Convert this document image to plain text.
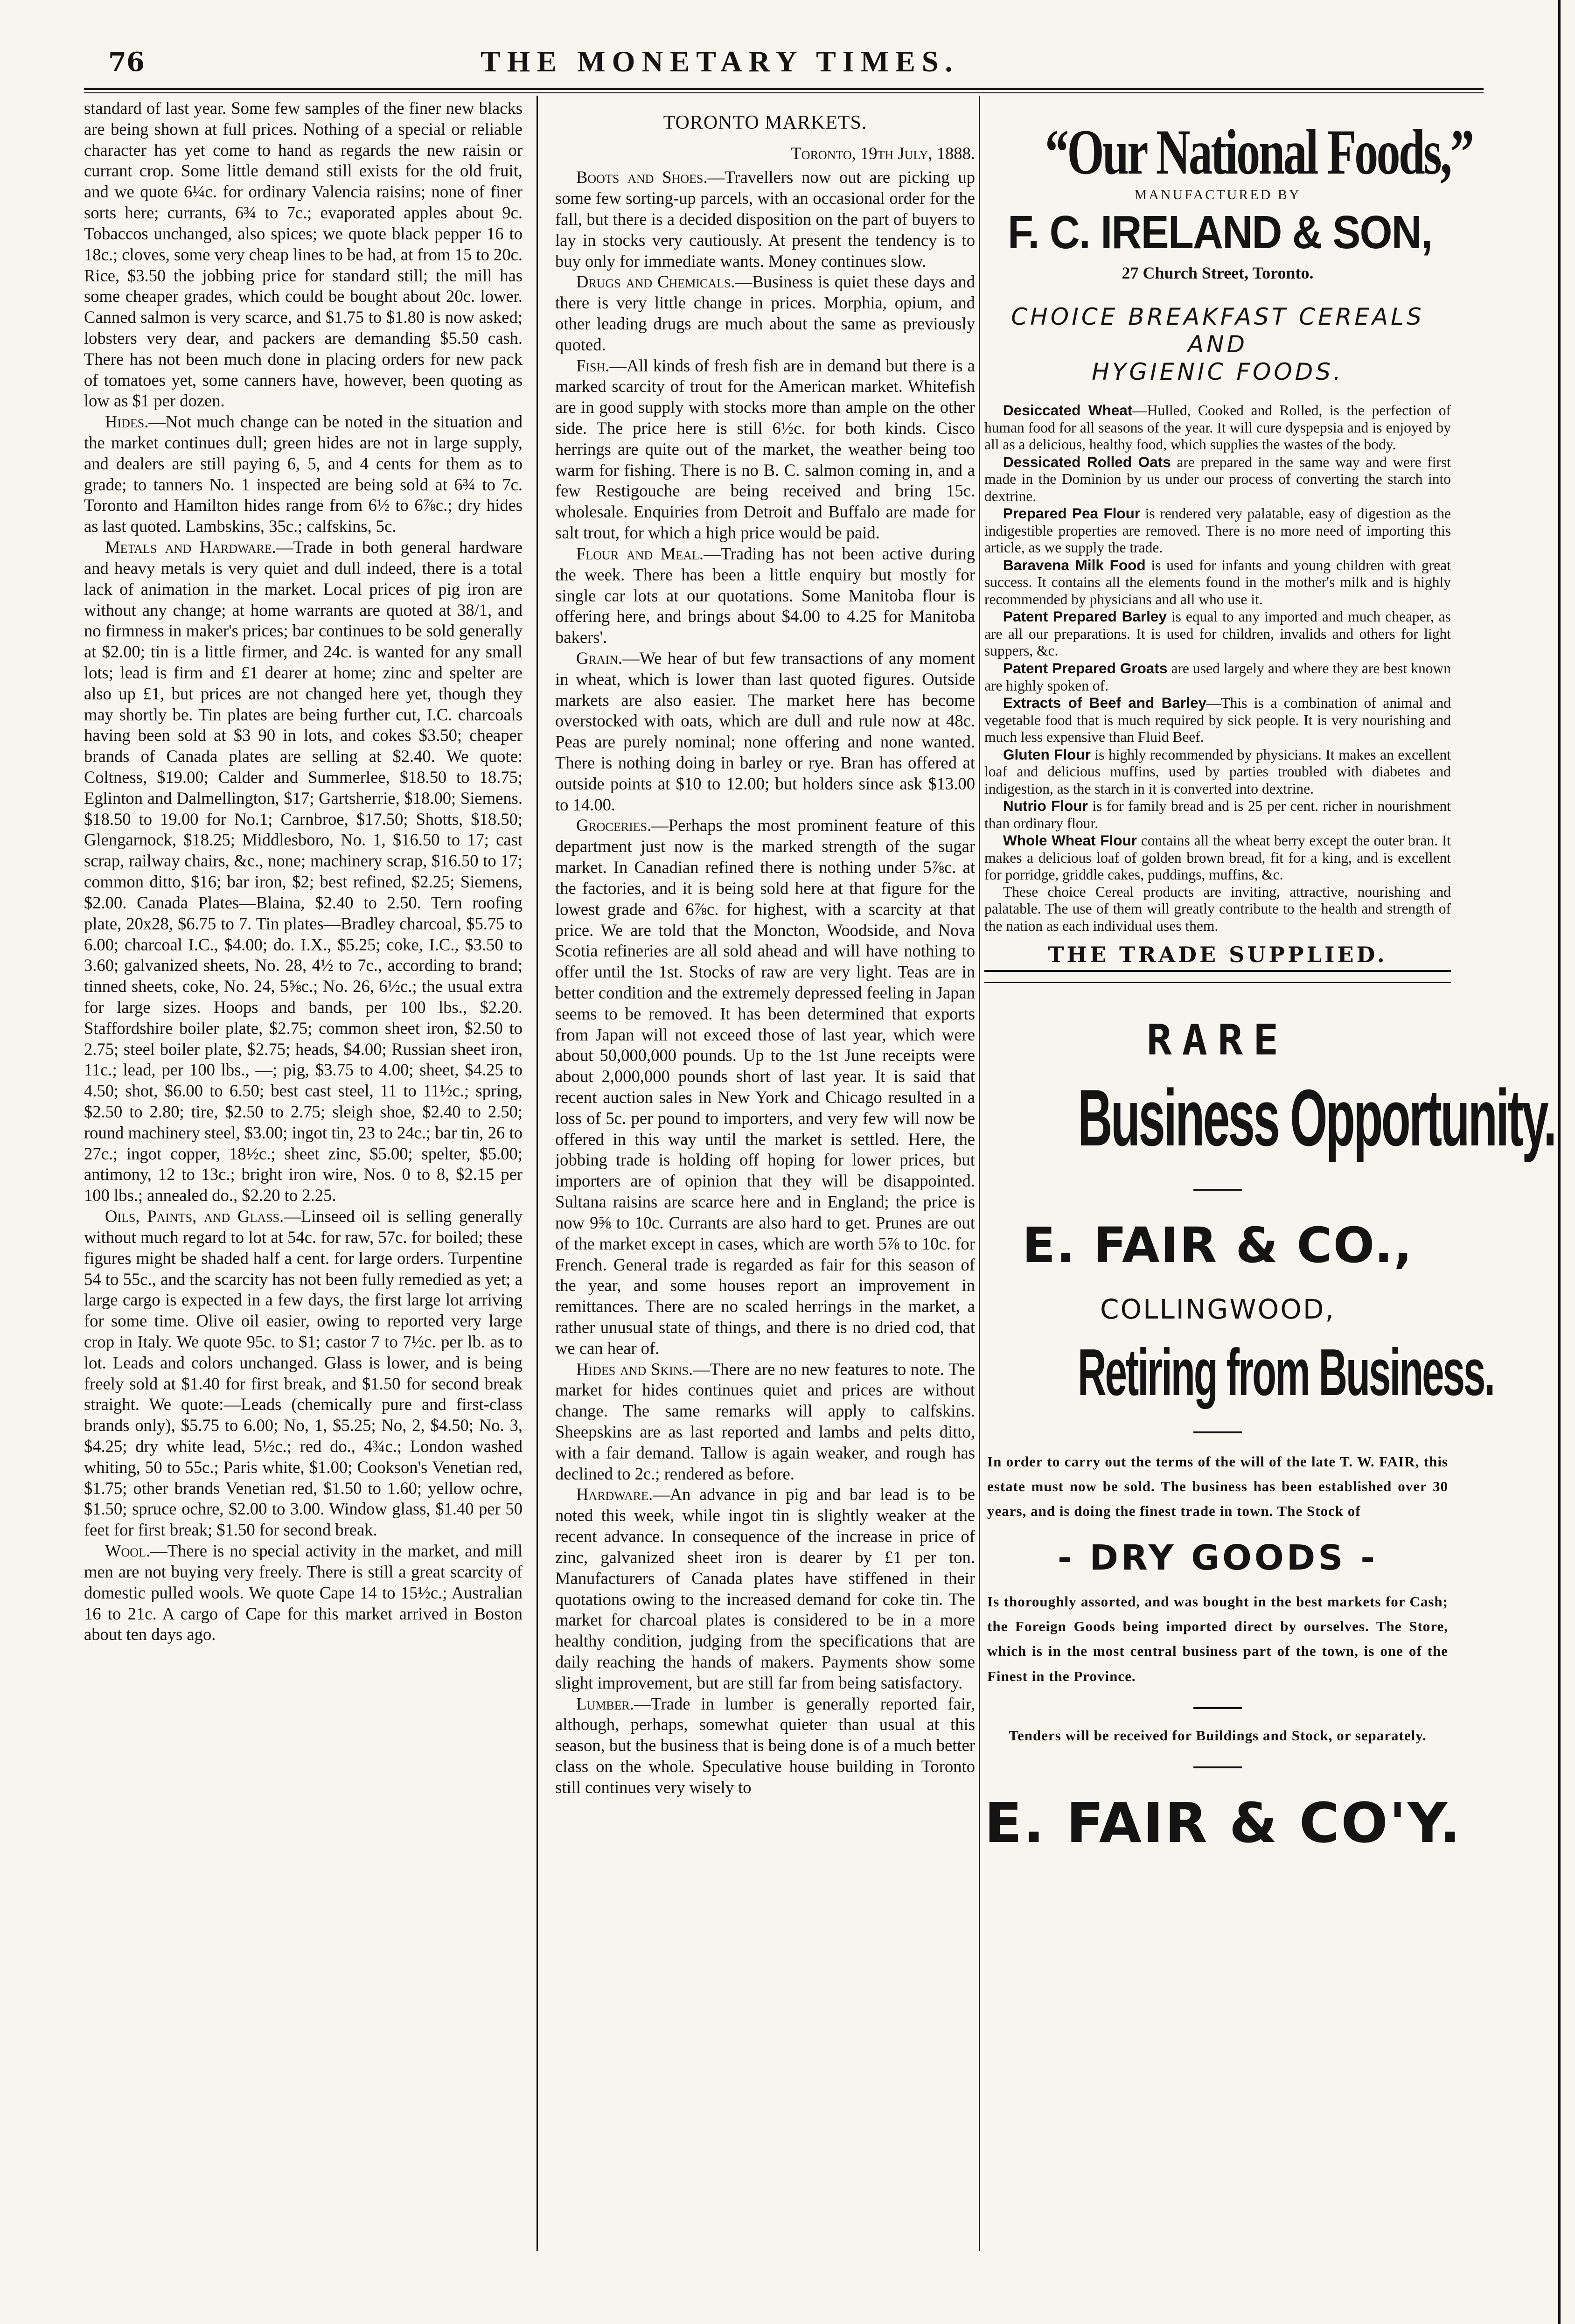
76	THE MONETARY TIMES.

standard of last year. Some few samples of the finer new blacks are being shown at full prices. Nothing of a special or reliable character has yet come to hand as regards the new raisin or currant crop. Some little demand still exists for the old fruit, and we quote 6¼c. for ordinary Valencia raisins; none of finer sorts here; currants, 6¾ to 7c.; evaporated apples about 9c. Tobaccos unchanged, also spices; we quote black pepper 16 to 18c.; cloves, some very cheap lines to be had, at from 15 to 20c. Rice, $3.50 the jobbing price for standard still; the mill has some cheaper grades, which could be bought about 20c. lower. Canned salmon is very scarce, and $1.75 to $1.80 is now asked; lobsters very dear, and packers are demanding $5.50 cash. There has not been much done in placing orders for new pack of tomatoes yet, some canners have, however, been quoting as low as $1 per dozen.

Hides.—Not much change can be noted in the situation and the market continues dull; green hides are not in large supply, and dealers are still paying 6, 5, and 4 cents for them as to grade; to tanners No. 1 inspected are being sold at 6¾ to 7c. Toronto and Hamilton hides range from 6½ to 6⅞c.; dry hides as last quoted. Lambskins, 35c.; calfskins, 5c.

Metals and Hardware.—Trade in both general hardware and heavy metals is very quiet and dull indeed, there is a total lack of animation in the market. Local prices of pig iron are without any change; at home warrants are quoted at 38/1, and no firmness in maker's prices; bar continues to be sold generally at $2.00; tin is a little firmer, and 24c. is wanted for any small lots; lead is firm and £1 dearer at home; zinc and spelter are also up £1, but prices are not changed here yet, though they may shortly be. Tin plates are being further cut, I.C. charcoals having been sold at $3 90 in lots, and cokes $3.50; cheaper brands of Canada plates are selling at $2.40. We quote: Coltness, $19.00; Calder and Summerlee, $18.50 to 18.75; Eglinton and Dalmellington, $17; Gartsherrie, $18.00; Siemens. $18.50 to 19.00 for No.1; Carnbroe, $17.50; Shotts, $18.50; Glengarnock, $18.25; Middlesboro, No. 1, $16.50 to 17; cast scrap, railway chairs, &c., none; machinery scrap, $16.50 to 17; common ditto, $16; bar iron, $2; best refined, $2.25; Siemens, $2.00. Canada Plates—Blaina, $2.40 to 2.50. Tern roofing plate, 20x28, $6.75 to 7. Tin plates—Bradley charcoal, $5.75 to 6.00; charcoal I.C., $4.00; do. I.X., $5.25; coke, I.C., $3.50 to 3.60; galvanized sheets, No. 28, 4½ to 7c., according to brand; tinned sheets, coke, No. 24, 5⅝c.; No. 26, 6½c.; the usual extra for large sizes. Hoops and bands, per 100 lbs., $2.20. Staffordshire boiler plate, $2.75; common sheet iron, $2.50 to 2.75; steel boiler plate, $2.75; heads, $4.00; Russian sheet iron, 11c.; lead, per 100 lbs., —; pig, $3.75 to 4.00; sheet, $4.25 to 4.50; shot, $6.00 to 6.50; best cast steel, 11 to 11½c.; spring, $2.50 to 2.80; tire, $2.50 to 2.75; sleigh shoe, $2.40 to 2.50; round machinery steel, $3.00; ingot tin, 23 to 24c.; bar tin, 26 to 27c.; ingot copper, 18½c.; sheet zinc, $5.00; spelter, $5.00; antimony, 12 to 13c.; bright iron wire, Nos. 0 to 8, $2.15 per 100 lbs.; annealed do., $2.20 to 2.25.

Oils, Paints, and Glass.—Linseed oil is selling generally without much regard to lot at 54c. for raw, 57c. for boiled; these figures might be shaded half a cent. for large orders. Turpentine 54 to 55c., and the scarcity has not been fully remedied as yet; a large cargo is expected in a few days, the first large lot arriving for some time. Olive oil easier, owing to reported very large crop in Italy. We quote 95c. to $1; castor 7 to 7½c. per lb. as to lot. Leads and colors unchanged. Glass is lower, and is being freely sold at $1.40 for first break, and $1.50 for second break straight. We quote:—Leads (chemically pure and first-class brands only), $5.75 to 6.00; No, 1, $5.25; No, 2, $4.50; No. 3, $4.25; dry white lead, 5½c.; red do., 4¾c.; London washed whiting, 50 to 55c.; Paris white, $1.00; Cookson's Venetian red, $1.75; other brands Venetian red, $1.50 to 1.60; yellow ochre, $1.50; spruce ochre, $2.00 to 3.00. Window glass, $1.40 per 50 feet for first break; $1.50 for second break.

Wool.—There is no special activity in the market, and mill men are not buying very freely. There is still a great scarcity of domestic pulled wools. We quote Cape 14 to 15½c.; Australian 16 to 21c. A cargo of Cape for this market arrived in Boston about ten days ago.

TORONTO MARKETS.
Toronto, 19th July, 1888.

Boots and Shoes.—Travellers now out are picking up some few sorting-up parcels, with an occasional order for the fall, but there is a decided disposition on the part of buyers to lay in stocks very cautiously. At present the tendency is to buy only for immediate wants. Money continues slow.

Drugs and Chemicals.—Business is quiet these days and there is very little change in prices. Morphia, opium, and other leading drugs are much about the same as previously quoted.

Fish.—All kinds of fresh fish are in demand but there is a marked scarcity of trout for the American market. Whitefish are in good supply with stocks more than ample on the other side. The price here is still 6½c. for both kinds. Cisco herrings are quite out of the market, the weather being too warm for fishing. There is no B. C. salmon coming in, and a few Restigouche are being received and bring 15c. wholesale. Enquiries from Detroit and Buffalo are made for salt trout, for which a high price would be paid.

Flour and Meal.—Trading has not been active during the week. There has been a little enquiry but mostly for single car lots at our quotations. Some Manitoba flour is offering here, and brings about $4.00 to 4.25 for Manitoba bakers'.

Grain.—We hear of but few transactions of any moment in wheat, which is lower than last quoted figures. Outside markets are also easier. The market here has become overstocked with oats, which are dull and rule now at 48c. Peas are purely nominal; none offering and none wanted. There is nothing doing in barley or rye. Bran has offered at outside points at $10 to 12.00; but holders since ask $13.00 to 14.00.

Groceries.—Perhaps the most prominent feature of this department just now is the marked strength of the sugar market. In Canadian refined there is nothing under 5⅞c. at the factories, and it is being sold here at that figure for the lowest grade and 6⅞c. for highest, with a scarcity at that price. We are told that the Moncton, Woodside, and Nova Scotia refineries are all sold ahead and will have nothing to offer until the 1st. Stocks of raw are very light. Teas are in better condition and the extremely depressed feeling in Japan seems to be removed. It has been determined that exports from Japan will not exceed those of last year, which were about 50,000,000 pounds. Up to the 1st June receipts were about 2,000,000 pounds short of last year. It is said that recent auction sales in New York and Chicago resulted in a loss of 5c. per pound to importers, and very few will now be offered in this way until the market is settled. Here, the jobbing trade is holding off hoping for lower prices, but importers are of opinion that they will be disappointed. Sultana raisins are scarce here and in England; the price is now 9⅝ to 10c. Currants are also hard to get. Prunes are out of the market except in cases, which are worth 5⅞ to 10c. for French. General trade is regarded as fair for this season of the year, and some houses report an improvement in remittances. There are no scaled herrings in the market, a rather unusual state of things, and there is no dried cod, that we can hear of.

Hides and Skins.—There are no new features to note. The market for hides continues quiet and prices are without change. The same remarks will apply to calfskins. Sheepskins are as last reported and lambs and pelts ditto, with a fair demand. Tallow is again weaker, and rough has declined to 2c.; rendered as before.

Hardware.—An advance in pig and bar lead is to be noted this week, while ingot tin is slightly weaker at the recent advance. In consequence of the increase in price of zinc, galvanized sheet iron is dearer by £1 per ton. Manufacturers of Canada plates have stiffened in their quotations owing to the increased demand for coke tin. The market for charcoal plates is considered to be in a more healthy condition, judging from the specifications that are daily reaching the hands of makers. Payments show some slight improvement, but are still far from being satisfactory.

Lumber.—Trade in lumber is generally reported fair, although, perhaps, somewhat quieter than usual at this season, but the business that is being done is of a much better class on the whole. Speculative house building in Toronto still continues very wisely to

“Our National Foods,”
MANUFACTURED BY
F. C. IRELAND & SON,
27 Church Street, Toronto.
CHOICE BREAKFAST CEREALS AND
HYGIENIC FOODS.

Desiccated Wheat—Hulled, Cooked and Rolled, is the perfection of human food for all seasons of the year. It will cure dyspepsia and is enjoyed by all as a delicious, healthy food, which supplies the wastes of the body.

Dessicated Rolled Oats are prepared in the same way and were first made in the Dominion by us under our process of converting the starch into dextrine.

Prepared Pea Flour is rendered very palatable, easy of digestion as the indigestible properties are removed. There is no more need of importing this article, as we supply the trade.

Baravena Milk Food is used for infants and young children with great success. It contains all the elements found in the mother's milk and is highly recommended by physicians and all who use it.

Patent Prepared Barley is equal to any imported and much cheaper, as are all our preparations. It is used for children, invalids and others for light suppers, &c.

Patent Prepared Groats are used largely and where they are best known are highly spoken of.

Extracts of Beef and Barley—This is a combination of animal and vegetable food that is much required by sick people. It is very nourishing and much less expensive than Fluid Beef.

Gluten Flour is highly recommended by physicians. It makes an excellent loaf and delicious muffins, used by parties troubled with diabetes and indigestion, as the starch in it is converted into dextrine.

Nutrio Flour is for family bread and is 25 per cent. richer in nourishment than ordinary flour.

Whole Wheat Flour contains all the wheat berry except the outer bran. It makes a delicious loaf of golden brown bread, fit for a king, and is excellent for porridge, griddle cakes, puddings, muffins, &c.

These choice Cereal products are inviting, attractive, nourishing and palatable. The use of them will greatly contribute to the health and strength of the nation as each individual uses them.

THE TRADE SUPPLIED.
RARE
Business Opportunity.
E. FAIR & CO.,
COLLINGWOOD,
Retiring from Business.
In order to carry out the terms of the will of the late T. W. FAIR, this estate must now be sold. The business has been established over 30 years, and is doing the finest trade in town. The Stock of
- DRY GOODS -
Is thoroughly assorted, and was bought in the best markets for Cash; the Foreign Goods being imported direct by ourselves. The Store, which is in the most central business part of the town, is one of the Finest in the Province.
Tenders will be received for Buildings and Stock, or separately.
E. FAIR & CO'Y.
